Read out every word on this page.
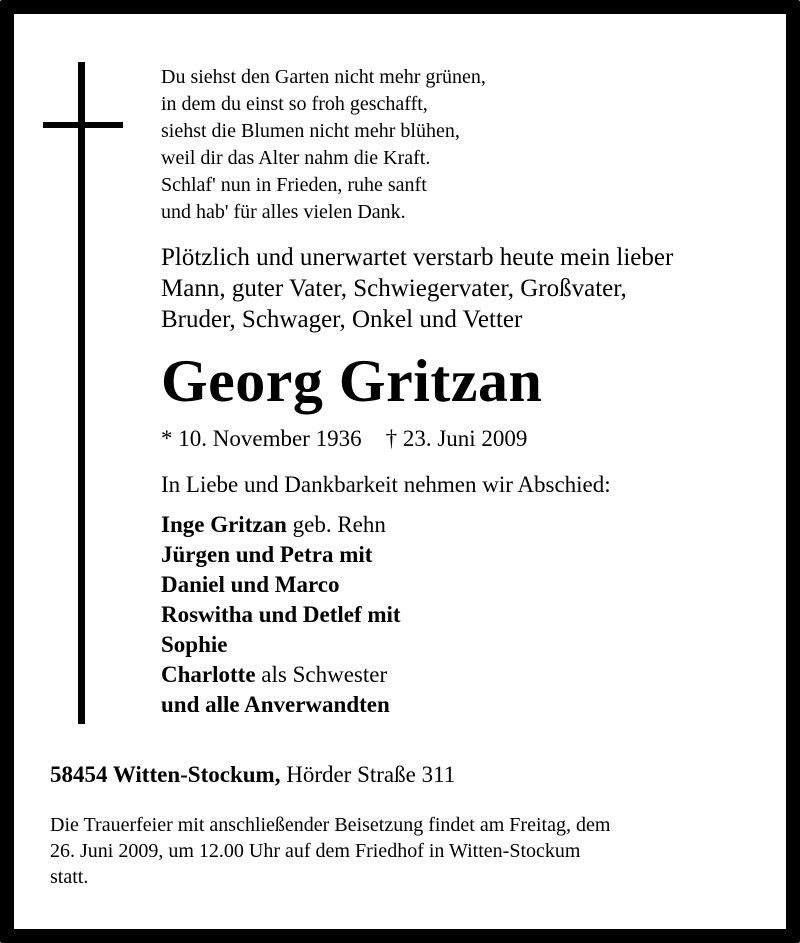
Du siehst den Garten nicht mehr grünen,
in dem du einst so froh geschafft,
siehst die Blumen nicht mehr blühen,
weil dir das Alter nahm die Kraft.
Schlaf' nun in Frieden, ruhe sanft
und hab' für alles vielen Dank.
Plötzlich und unerwartet verstarb heute mein lieber
Mann, guter Vater, Schwiegervater, Großvater,
Bruder, Schwager, Onkel und Vetter
Georg Gritzan
* 10. November 1936 † 23. Juni 2009
In Liebe und Dankbarkeit nehmen wir Abschied:
Inge Gritzan geb. Rehn
Jürgen und Petra mit
Daniel und Marco
Roswitha und Detlef mit
Sophie
Charlotte als Schwester
und alle Anverwandten
58454 Witten-Stockum, Hörder Straße 311
Die Trauerfeier mit anschließender Beisetzung findet am Freitag, dem
26. Juni 2009, um 12.00 Uhr auf dem Friedhof in Witten-Stockum
statt.
